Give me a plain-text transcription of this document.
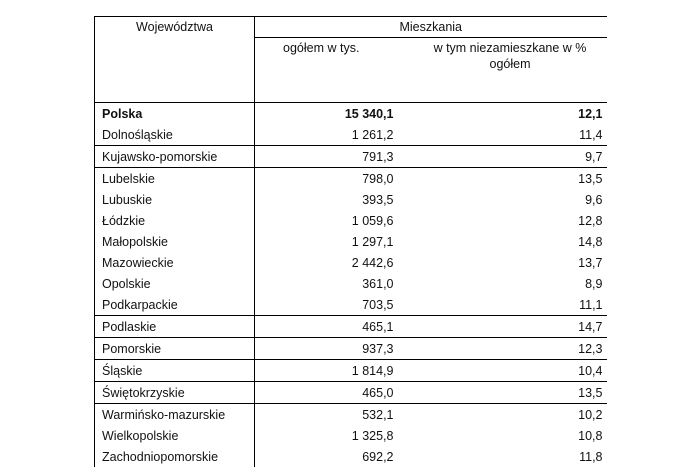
Województwa	Mieszkania	
	ogółem w tys.	w tym niezamieszkane w % ogółem
Polska	15 340,1	12,1
Dolnośląskie	1 261,2	11,4
Kujawsko-pomorskie	791,3	9,7
Lubelskie	798,0	13,5
Lubuskie	393,5	9,6
Łódzkie	1 059,6	12,8
Małopolskie	1 297,1	14,8
Mazowieckie	2 442,6	13,7
Opolskie	361,0	8,9
Podkarpackie	703,5	11,1
Podlaskie	465,1	14,7
Pomorskie	937,3	12,3
Śląskie	1 814,9	10,4
Świętokrzyskie	465,0	13,5
Warmińsko-mazurskie	532,1	10,2
Wielkopolskie	1 325,8	10,8
Zachodniopomorskie	692,2	11,8
